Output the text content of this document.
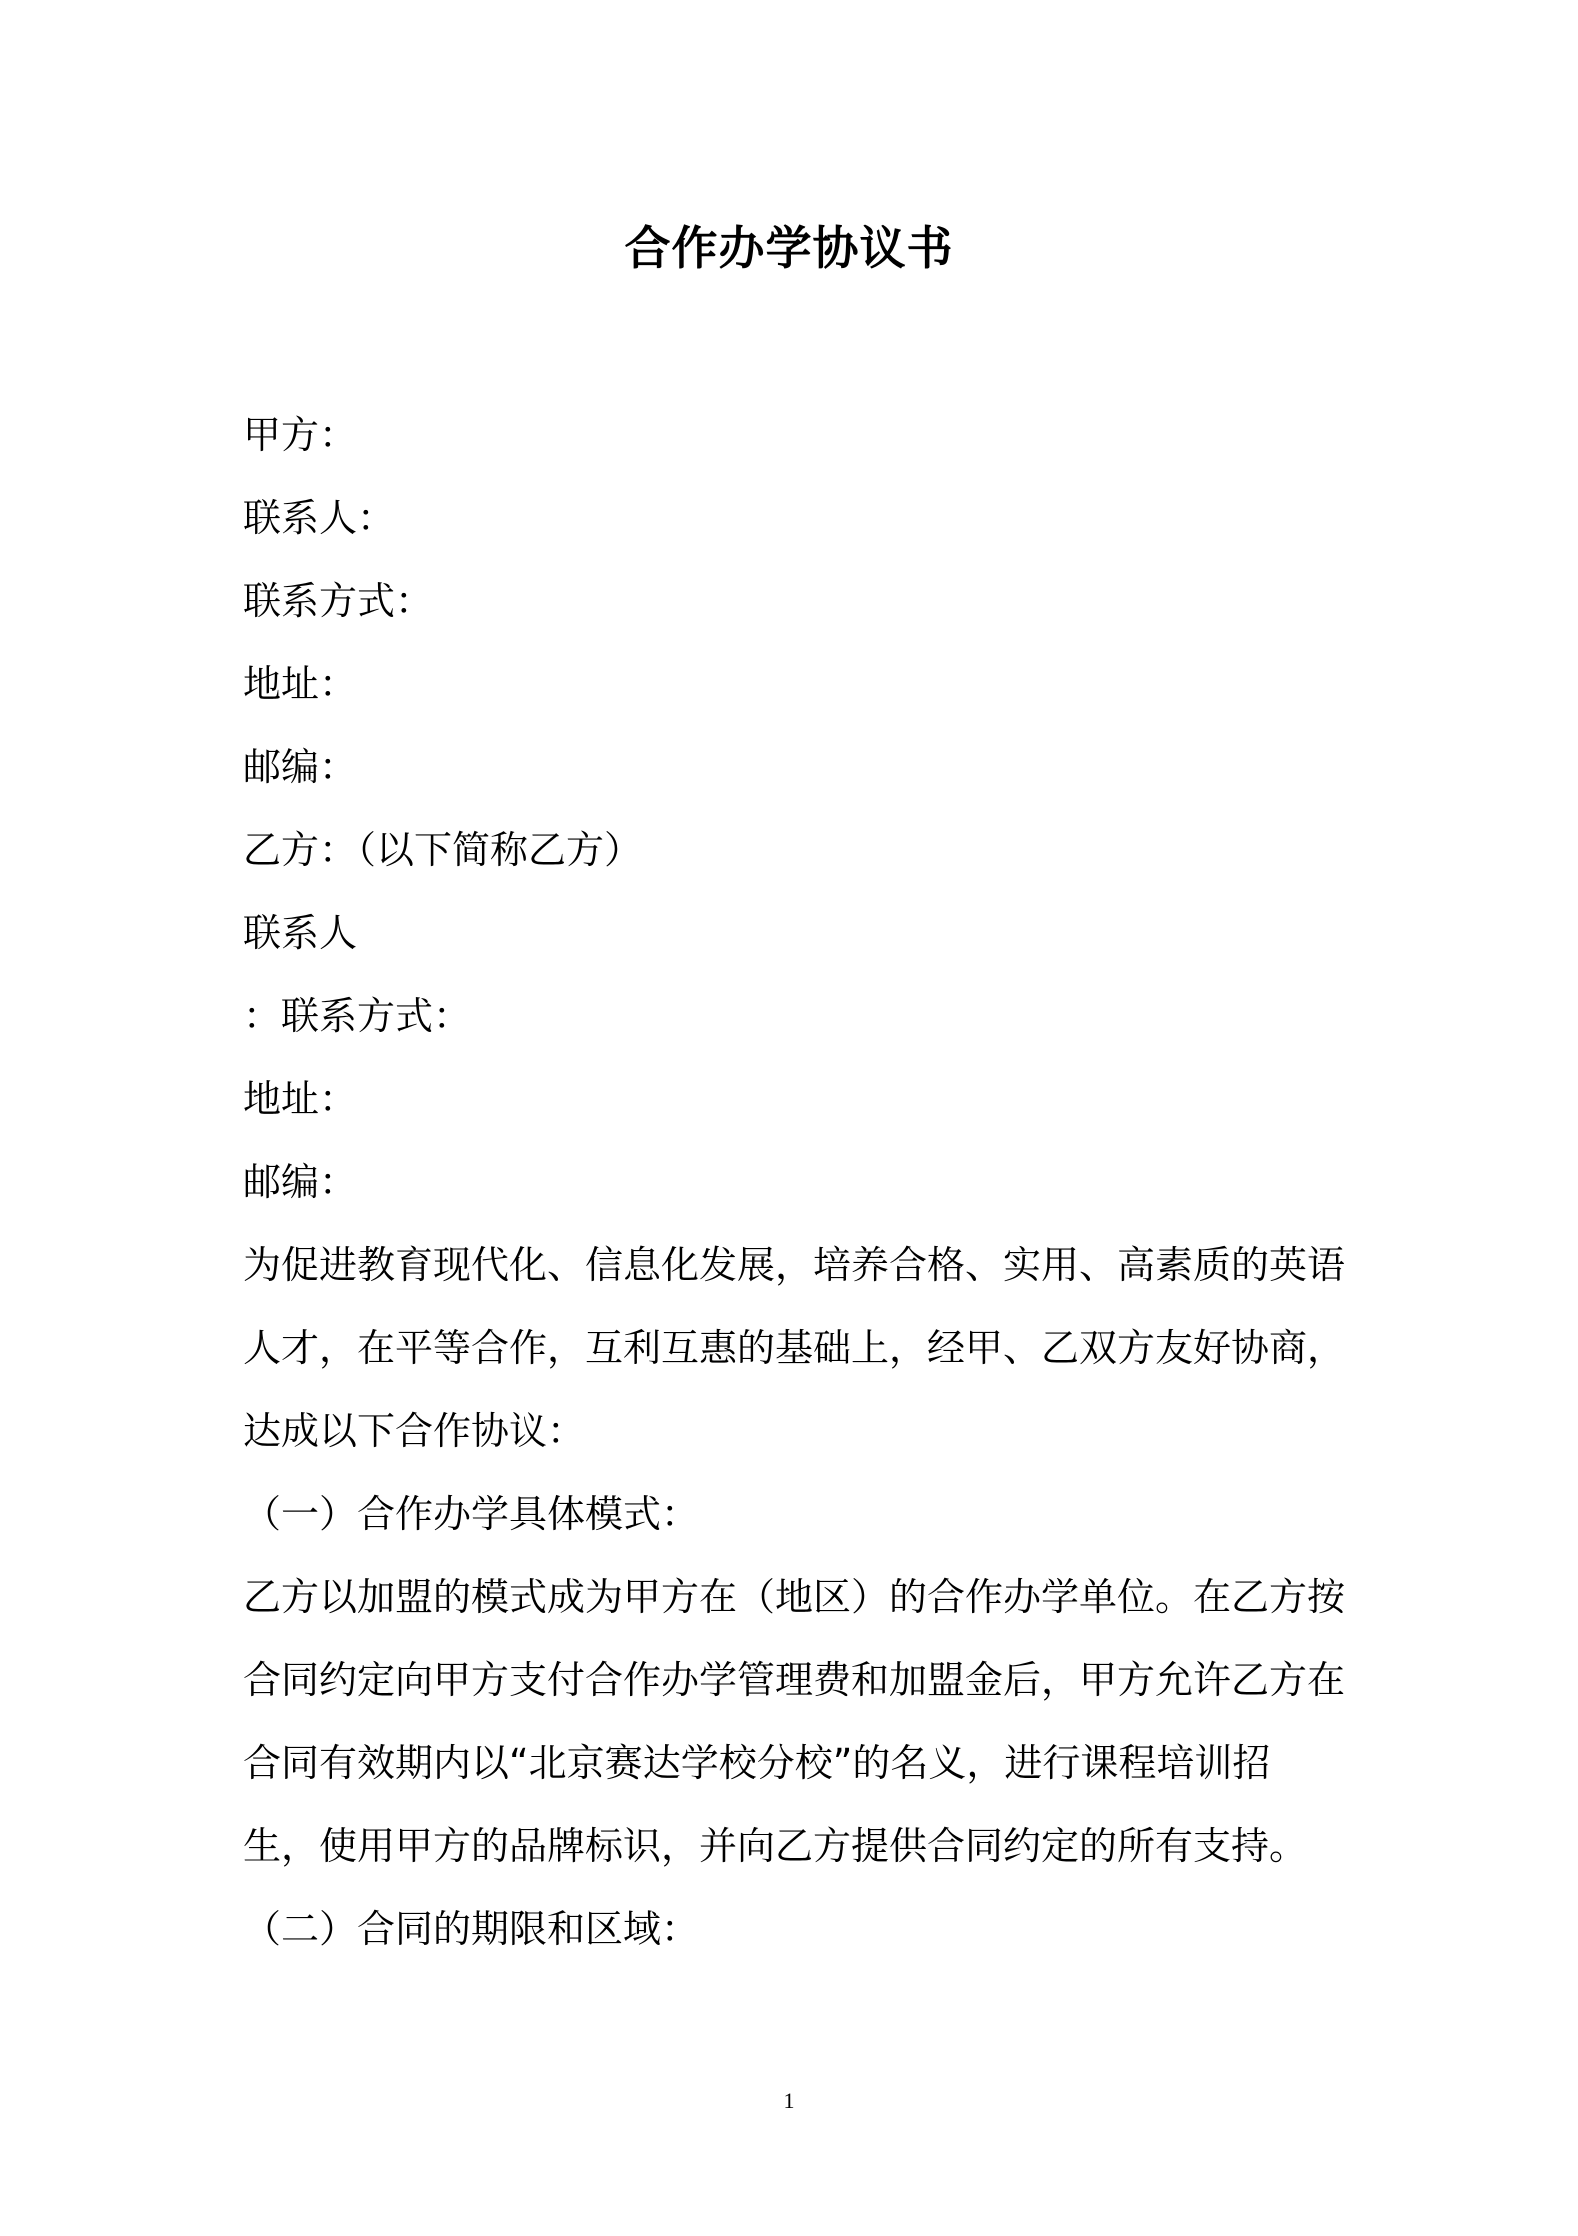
合作办学协议书
甲方：
联系人：
联系方式：
地址：
邮编：
乙方：（以下简称乙方）
联系人
：联系方式：
地址：
邮编：
为促进教育现代化、信息化发展，培养合格、实用、高素质的英语
人才，在平等合作，互利互惠的基础上，经甲、乙双方友好协商，
达成以下合作协议：
（一）合作办学具体模式：
乙方以加盟的模式成为甲方在（地区）的合作办学单位。在乙方按
合同约定向甲方支付合作办学管理费和加盟金后，甲方允许乙方在
合同有效期内以“北京赛达学校分校”的名义，进行课程培训招
生，使用甲方的品牌标识，并向乙方提供合同约定的所有支持。
（二）合同的期限和区域：
1
